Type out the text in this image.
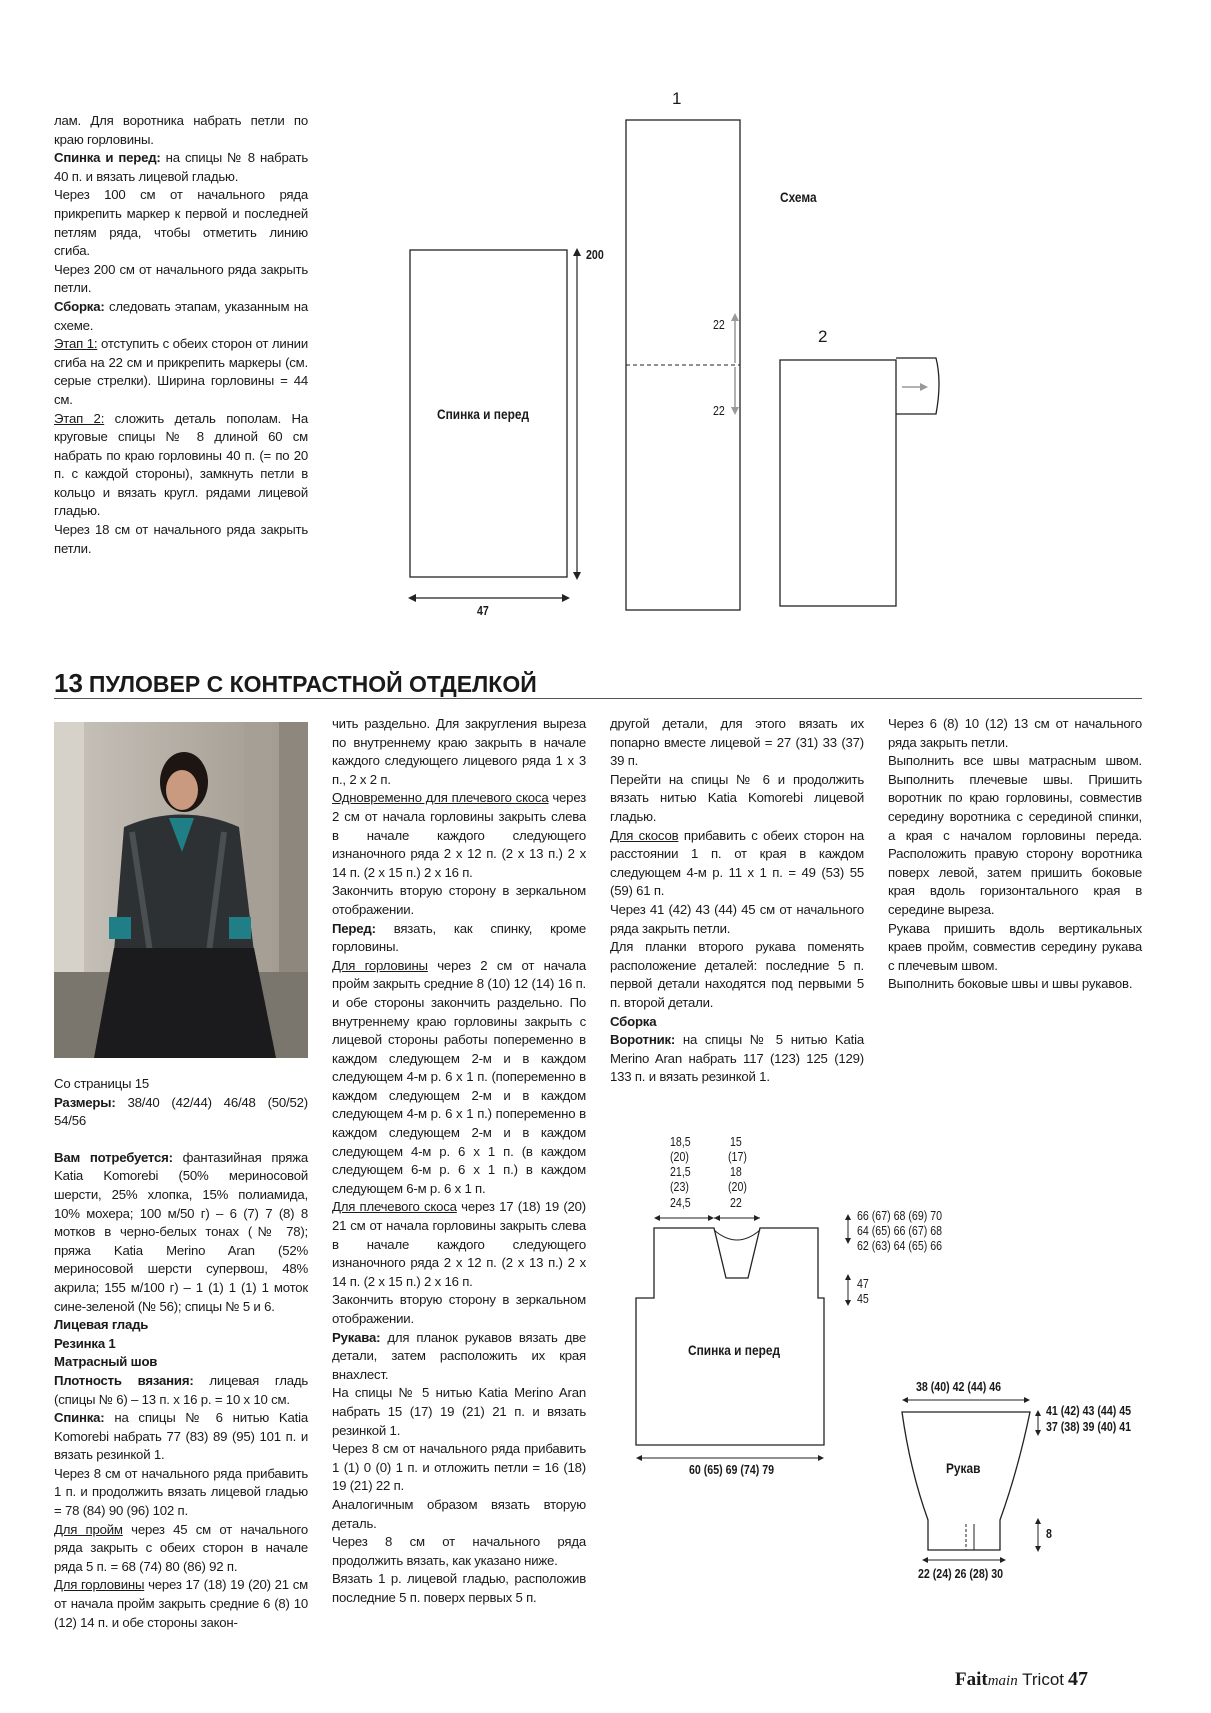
лам. Для воротника набрать петли по краю горловины.

Спинка и перед: на спицы № 8 набрать 40 п. и вязать лицевой гладью.

Через 100 см от начального ряда прикрепить маркер к первой и последней петлям ряда, чтобы отметить линию сгиба.

Через 200 см от начального ряда закрыть петли.

Сборка: следовать этапам, указанным на схеме.

Этап 1: отступить с обеих сторон от линии сгиба на 22 см и прикрепить маркеры (см. серые стрелки). Ширина горловины = 44 см.

Этап 2: сложить деталь пополам. На круговые спицы № 8 длиной 60 см набрать по краю горловины 40 п. (= по 20 п. с каждой стороны), замкнуть петли в кольцо и вязать кругл. рядами лицевой гладью.

Через 18 см от начального ряда закрыть петли.

Спинка и перед
200
47
1
2
Схема
22
22
13 ПУЛОВЕР С КОНТРАСТНОЙ ОТДЕЛКОЙ

Со страницы 15

Размеры: 38/40 (42/44) 46/48 (50/52) 54/56

Вам потребуется: фантазийная пряжа Katia Komorebi (50% мериносовой шерсти, 25% хлопка, 15% полиамида, 10% мохера; 100 м/50 г) – 6 (7) 7 (8) 8 мотков в черно-белых тонах (№ 78); пряжа Katia Merino Aran (52% мериносовой шерсти супервош, 48% акрила; 155 м/100 г) – 1 (1) 1 (1) 1 моток сине-зеленой (№ 56); спицы № 5 и 6.

Лицевая гладь

Резинка 1

Матрасный шов

Плотность вязания: лицевая гладь (спицы № 6) – 13 п. х 16 р. = 10 х 10 см.

Спинка: на спицы № 6 нитью Katia Komorebi набрать 77 (83) 89 (95) 101 п. и вязать резинкой 1.

Через 8 см от начального ряда прибавить 1 п. и продолжить вязать лицевой гладью = 78 (84) 90 (96) 102 п.

Для пройм через 45 см от начального ряда закрыть с обеих сторон в начале ряда 5 п. = 68 (74) 80 (86) 92 п.

Для горловины через 17 (18) 19 (20) 21 см от начала пройм закрыть средние 6 (8) 10 (12) 14 п. и обе стороны закон-

чить раздельно. Для закругления выреза по внутреннему краю закрыть в начале каждого следующего лицевого ряда 1 х 3 п., 2 х 2 п.

Одновременно для плечевого скоса через 2 см от начала горловины закрыть слева в начале каждого следующего изнаночного ряда 2 х 12 п. (2 х 13 п.) 2 х 14 п. (2 х 15 п.) 2 х 16 п.

Закончить вторую сторону в зеркальном отображении.

Перед: вязать, как спинку, кроме горловины.

Для горловины через 2 см от начала пройм закрыть средние 8 (10) 12 (14) 16 п. и обе стороны закончить раздельно. По внутреннему краю горловины закрыть с лицевой стороны работы попеременно в каждом следующем 2-м и в каждом следующем 4-м р. 6 х 1 п. (попеременно в каждом следующем 2-м и в каждом следующем 4-м р. 6 х 1 п.) попеременно в каждом следующем 2-м и в каждом следующем 4-м р. 6 х 1 п. (в каждом следующем 6-м р. 6 х 1 п.) в каждом следующем 6-м р. 6 х 1 п.

Для плечевого скоса через 17 (18) 19 (20) 21 см от начала горловины закрыть слева в начале каждого следующего изнаночного ряда 2 х 12 п. (2 х 13 п.) 2 х 14 п. (2 х 15 п.) 2 х 16 п.

Закончить вторую сторону в зеркальном отображении.

Рукава: для планок рукавов вязать две детали, затем расположить их края внахлест.

На спицы № 5 нитью Katia Merino Aran набрать 15 (17) 19 (21) 21 п. и вязать резинкой 1.

Через 8 см от начального ряда прибавить 1 (1) 0 (0) 1 п. и отложить петли = 16 (18) 19 (21) 22 п.

Аналогичным образом вязать вторую деталь.

Через 8 см от начального ряда продолжить вязать, как указано ниже.

Вязать 1 р. лицевой гладью, расположив последние 5 п. поверх первых 5 п.

другой детали, для этого вязать их попарно вместе лицевой = 27 (31) 33 (37) 39 п.

Перейти на спицы № 6 и продолжить вязать нитью Katia Komorebi лицевой гладью.

Для скосов прибавить с обеих сторон на расстоянии 1 п. от края в каждом следующем 4-м р. 11 х 1 п. = 49 (53) 55 (59) 61 п.

Через 41 (42) 43 (44) 45 см от начального ряда закрыть петли.

Для планки второго рукава поменять расположение деталей: последние 5 п. первой детали находятся под первыми 5 п. второй детали.

Сборка

Воротник: на спицы № 5 нитью Katia Merino Aran набрать 117 (123) 125 (129) 133 п. и вязать резинкой 1.

Через 6 (8) 10 (12) 13 см от начального ряда закрыть петли.

Выполнить все швы матрасным швом. Выполнить плечевые швы. Пришить воротник по краю горловины, совместив середину воротника с серединой спинки, а края с началом горловины переда. Расположить правую сторону воротника поверх левой, затем пришить боковые края вдоль горизонтального края в середине выреза.

Рукава пришить вдоль вертикальных краев пройм, совместив середину рукава с плечевым швом.

Выполнить боковые швы и швы рукавов.

18,5
(20)
21,5
(23)
24,5
15
(17)
18
(20)
22
66 (67) 68 (69) 70
64 (65) 66 (67) 68
62 (63) 64 (65) 66
47
45
Спинка и перед
60 (65) 69 (74) 79
38 (40) 42 (44) 46
41 (42) 43 (44) 45
37 (38) 39 (40) 41
Рукав
8
22 (24) 26 (28) 30
Faitmain Tricot 47
